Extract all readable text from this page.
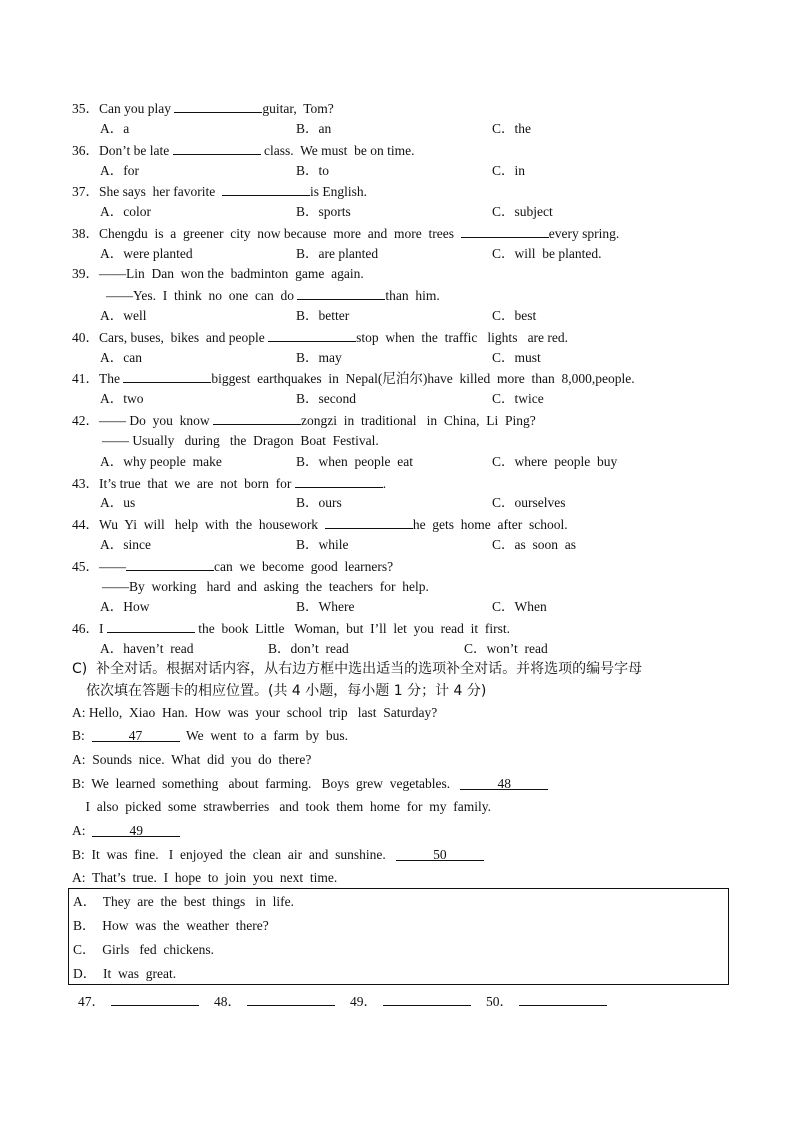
35．Can you play	guitar,  Tom?
A．a	B．an	C．the
36．Don’t be late	class.  We must  be on time.
A．for	B．to	C．in
37．She says  her favorite	is English.
A．color	B．sports	C．subject
38．Chengdu  is  a  greener  city  now because  more  and  more  trees	every spring.
A．were planted	B．are planted	C．will  be planted.
39．——Lin  Dan  won the  badminton  game  again.
——Yes.  I  think  no  one  can  do	than  him.
A．well	B．better	C．best
40．Cars, buses,  bikes  and people	stop  when  the  traffic   lights   are red.
A．can	B．may	C．must
41．The	biggest  earthquakes  in  Nepal(尼泊尔)have  killed  more  than  8,000,people.
A．two	B．second	C．twice
42．—— Do  you  know	zongzi  in  traditional   in  China,  Li  Ping?
—— Usually   during   the  Dragon  Boat  Festival.
A．why people  make	B．when  people  eat	C．where  people  buy
43．It’s true  that  we  are  not  born  for	.
A．us	B．ours	C．ourselves
44．Wu  Yi  will   help  with  the  housework	he  gets  home  after  school.
A．since	B．while	C．as  soon  as
45．——	can  we  become  good  learners?
——By  working   hard  and  asking  the  teachers  for  help.
A．How	B．Where	C．When
46．I	the  book  Little   Woman,  but  I’ll  let  you  read  it  first.
A．haven’t  read	B．don’t  read	C．won’t  read
C)  补全对话。根据对话内容，从右边方框中选出适当的选项补全对话。并将选项的编号字母
依次填在答题卡的相应位置。(共 4 小题，每小题 1 分；计 4 分)
A: Hello,  Xiao  Han.  How  was  your  school  trip   last  Saturday?
B:	47	We  went  to  a  farm  by  bus.
A:  Sounds  nice.  What  did  you  do  there?
B:  We  learned  something   about  farming.   Boys  grew  vegetables.	48
I  also  picked  some  strawberries   and  took  them  home  for  my  family.
A:	49
B:  It  was  fine.   I  enjoyed  the  clean  air  and  sunshine.	50
A:  That’s  true.  I  hope  to  join  you  next  time.
A．  They  are  the  best  things   in  life.
B．  How  was  the  weather  there?
C．  Girls   fed  chickens.
D．  It  was  great.
47．	48．	49．	50．
